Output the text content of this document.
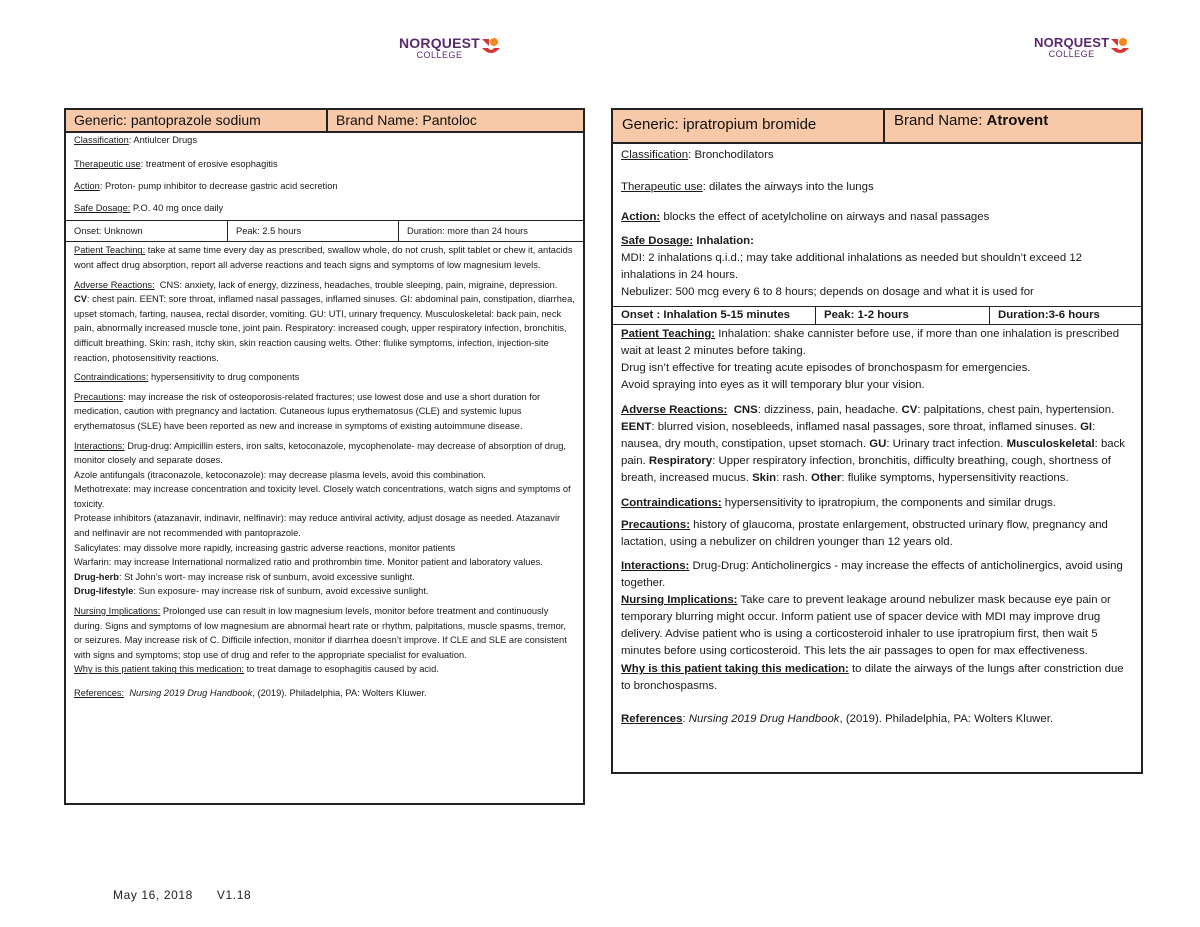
NORQUEST
COLLEGE
NORQUEST
COLLEGE
Generic: pantoprazole sodium	Brand Name: Pantoloc

Classification: Antiulcer Drugs

Therapeutic use: treatment of erosive esophagitis

Action: Proton- pump inhibitor to decrease gastric acid secretion

Safe Dosage: P.O. 40 mg once daily

Onset: Unknown	Peak: 2.5 hours	Duration: more than 24 hours

Patient Teaching: take at same time every day as prescribed, swallow whole, do not crush, split tablet or chew it, antacids wont affect drug absorption, report all adverse reactions and teach signs and symptoms of low magnesium levels.

Adverse Reactions: CNS: anxiety, lack of energy, dizziness, headaches, trouble sleeping, pain, migraine, depression. CV: chest pain. EENT: sore throat, inflamed nasal passages, inflamed sinuses. GI: abdominal pain, constipation, diarrhea, upset stomach, farting, nausea, rectal disorder, vomiting. GU: UTI, urinary frequency. Musculoskeletal: back pain, neck pain, abnormally increased muscle tone, joint pain. Respiratory: increased cough, upper respiratory infection, bronchitis, difficult breathing. Skin: rash, itchy skin, skin reaction causing welts. Other: flulike symptoms, infection, injection-site reaction, photosensitivity reactions.

Contraindications: hypersensitivity to drug components

Precautions: may increase the risk of osteoporosis-related fractures; use lowest dose and use a short duration for medication, caution with pregnancy and lactation. Cutaneous lupus erythematosus (CLE) and systemic lupus erythematosus (SLE) have been reported as new and increase in symptoms of existing autoimmune disease.

Interactions: Drug-drug: Ampicillin esters, iron salts, ketoconazole, mycophenolate- may decrease of absorption of drug, monitor closely and separate doses.

Azole antifungals (itraconazole, ketoconazole): may decrease plasma levels, avoid this combination.

Methotrexate: may increase concentration and toxicity level. Closely watch concentrations, watch signs and symptoms of toxicity.

Protease inhibitors (atazanavir, indinavir, nelfinavir): may reduce antiviral activity, adjust dosage as needed. Atazanavir and nelfinavir are not recommended with pantoprazole.

Salicylates: may dissolve more rapidly, increasing gastric adverse reactions, monitor patients

Warfarin: may increase International normalized ratio and prothrombin time. Monitor patient and laboratory values.

Drug-herb: St John’s wort- may increase risk of sunburn, avoid excessive sunlight.

Drug-lifestyle: Sun exposure- may increase risk of sunburn, avoid excessive sunlight.

Nursing Implications: Prolonged use can result in low magnesium levels, monitor before treatment and continuously during. Signs and symptoms of low magnesium are abnormal heart rate or rhythm, palpitations, muscle spasms, tremor, or seizures. May increase risk of C. Difficile infection, monitor if diarrhea doesn’t improve. If CLE and SLE are consistent with signs and symptoms; stop use of drug and refer to the appropriate specialist for evaluation.

Why is this patient taking this medication: to treat damage to esophagitis caused by acid.

References: Nursing 2019 Drug Handbook, (2019). Philadelphia, PA: Wolters Kluwer.

Generic: ipratropium bromide	Brand Name: Atrovent

Classification: Bronchodilators

Therapeutic use: dilates the airways into the lungs

Action: blocks the effect of acetylcholine on airways and nasal passages

Safe Dosage: Inhalation:

MDI: 2 inhalations q.i.d.; may take additional inhalations as needed but shouldn’t exceed 12 inhalations in 24 hours.

Nebulizer: 500 mcg every 6 to 8 hours; depends on dosage and what it is used for

Onset : Inhalation 5-15 minutes	Peak: 1-2 hours	Duration:3-6 hours

Patient Teaching: Inhalation: shake cannister before use, if more than one inhalation is prescribed wait at least 2 minutes before taking.

Drug isn’t effective for treating acute episodes of bronchospasm for emergencies.

Avoid spraying into eyes as it will temporary blur your vision.

Adverse Reactions: CNS: dizziness, pain, headache. CV: palpitations, chest pain, hypertension. EENT: blurred vision, nosebleeds, inflamed nasal passages, sore throat, inflamed sinuses. GI: nausea, dry mouth, constipation, upset stomach. GU: Urinary tract infection. Musculoskeletal: back pain. Respiratory: Upper respiratory infection, bronchitis, difficulty breathing, cough, shortness of breath, increased mucus. Skin: rash. Other: flulike symptoms, hypersensitivity reactions.

Contraindications: hypersensitivity to ipratropium, the components and similar drugs.

Precautions: history of glaucoma, prostate enlargement, obstructed urinary flow, pregnancy and lactation, using a nebulizer on children younger than 12 years old.

Interactions: Drug-Drug: Anticholinergics - may increase the effects of anticholinergics, avoid using together.

Nursing Implications: Take care to prevent leakage around nebulizer mask because eye pain or temporary blurring might occur. Inform patient use of spacer device with MDI may improve drug delivery. Advise patient who is using a corticosteroid inhaler to use ipratropium first, then wait 5 minutes before using corticosteroid. This lets the air passages to open for max effectiveness.

Why is this patient taking this medication: to dilate the airways of the lungs after constriction due to bronchospasms.

References: Nursing 2019 Drug Handbook, (2019). Philadelphia, PA: Wolters Kluwer.

May 16, 2018 V1.18
